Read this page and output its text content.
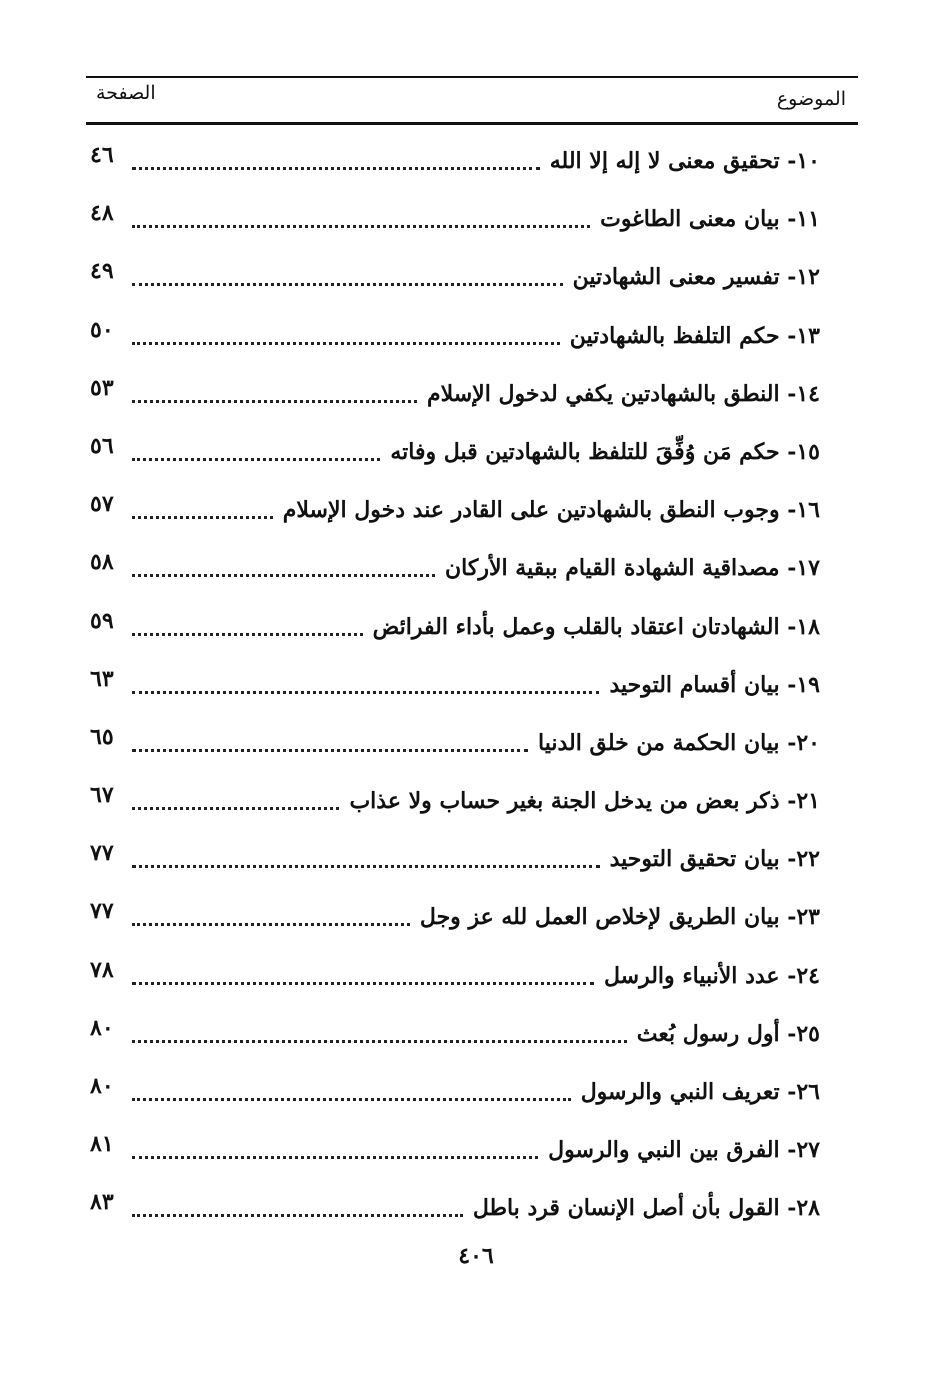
الصفحة	الموضوع
٤٦	١٠- تحقيق معنى لا إله إلا الله
٤٨	١١- بيان معنى الطاغوت
٤٩	١٢- تفسير معنى الشهادتين
٥٠	١٣- حكم التلفظ بالشهادتين
٥٣	١٤- النطق بالشهادتين يكفي لدخول الإسلام
٥٦	١٥- حكم مَن وُفِّقَ للتلفظ بالشهادتين قبل وفاته
٥٧	١٦- وجوب النطق بالشهادتين على القادر عند دخول الإسلام
٥٨	١٧- مصداقية الشهادة القيام ببقية الأركان
٥٩	١٨- الشهادتان اعتقاد بالقلب وعمل بأداء الفرائض
٦٣	١٩- بيان أقسام التوحيد
٦٥	٢٠- بيان الحكمة من خلق الدنيا
٦٧	٢١- ذكر بعض من يدخل الجنة بغير حساب ولا عذاب
٧٧	٢٢- بيان تحقيق التوحيد
٧٧	٢٣- بيان الطريق لإخلاص العمل لله عز وجل
٧٨	٢٤- عدد الأنبياء والرسل
٨٠	٢٥- أول رسول بُعث
٨٠	٢٦- تعريف النبي والرسول
٨١	٢٧- الفرق بين النبي والرسول
٨٣	٢٨- القول بأن أصل الإنسان قرد باطل
٤٠٦
